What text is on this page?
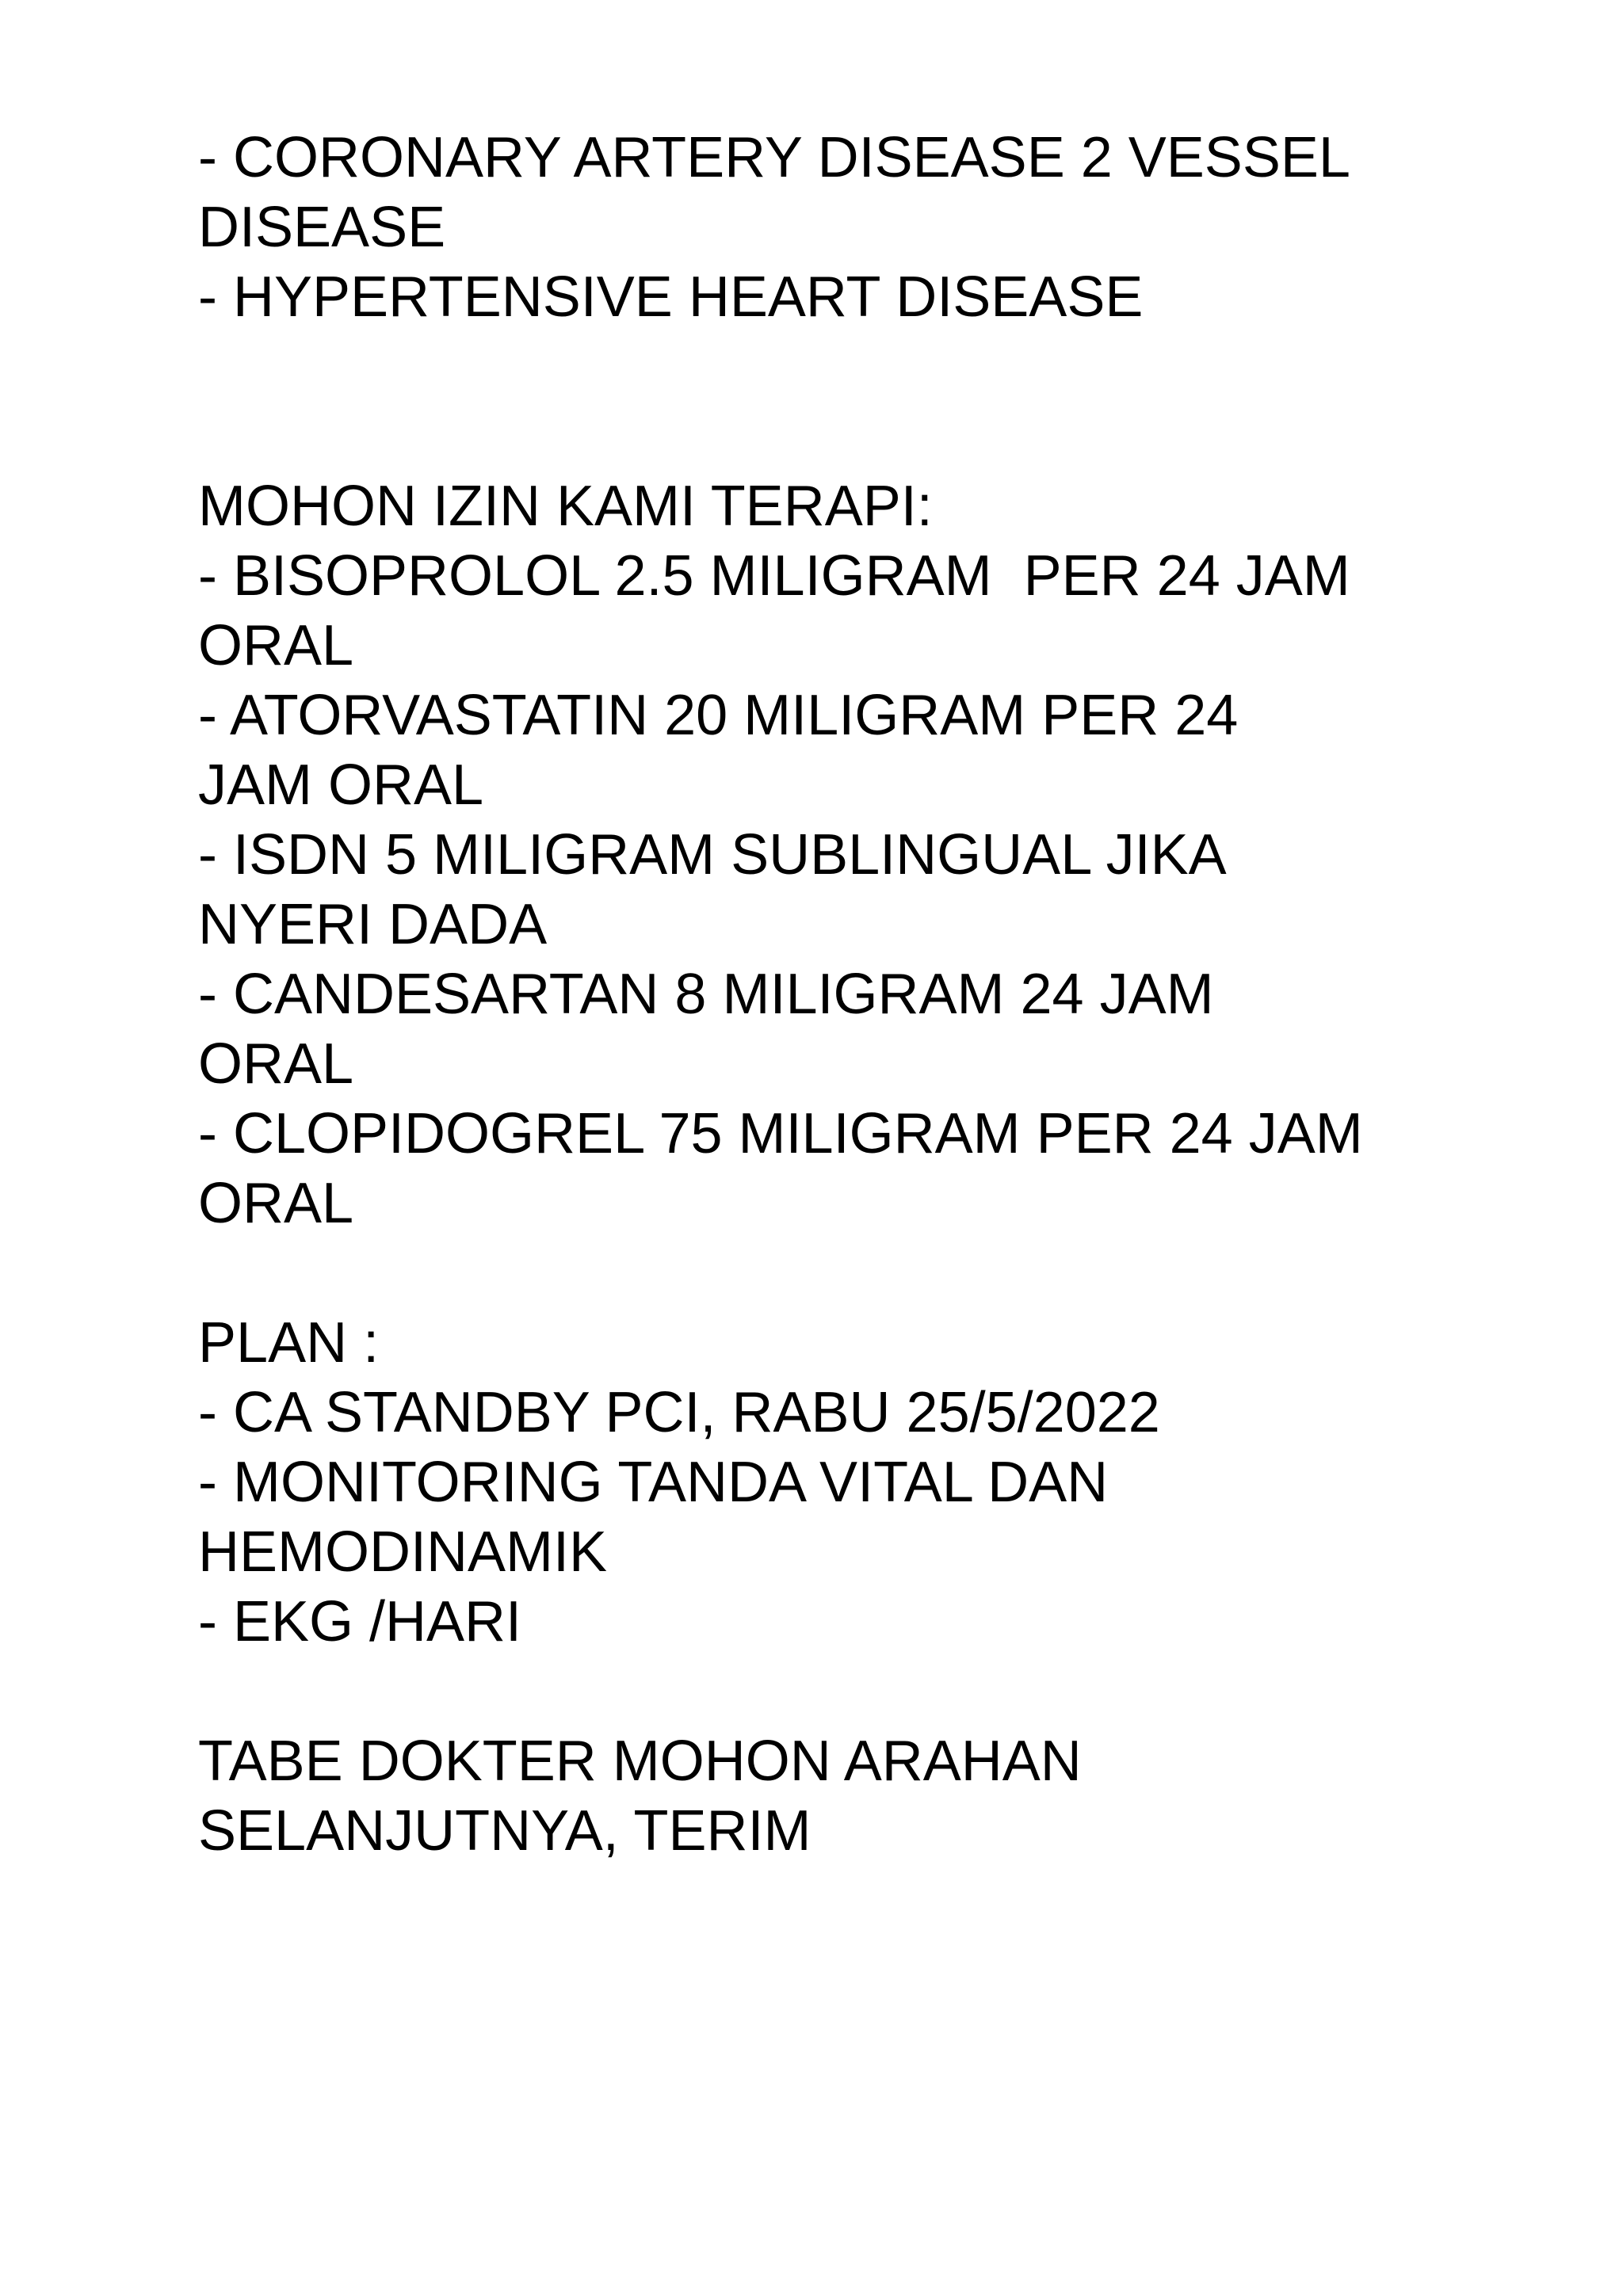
- CORONARY ARTERY DISEASE 2 VESSEL
DISEASE
- HYPERTENSIVE HEART DISEASE
MOHON IZIN KAMI TERAPI:
- BISOPROLOL 2.5 MILIGRAM  PER 24 JAM
ORAL
- ATORVASTATIN 20 MILIGRAM PER 24
JAM ORAL
- ISDN 5 MILIGRAM SUBLINGUAL JIKA
NYERI DADA
- CANDESARTAN 8 MILIGRAM 24 JAM
ORAL
- CLOPIDOGREL 75 MILIGRAM PER 24 JAM
ORAL
PLAN :
- CA STANDBY PCI, RABU 25/5/2022
- MONITORING TANDA VITAL DAN
HEMODINAMIK
- EKG /HARI
TABE DOKTER MOHON ARAHAN
SELANJUTNYA, TERIM
